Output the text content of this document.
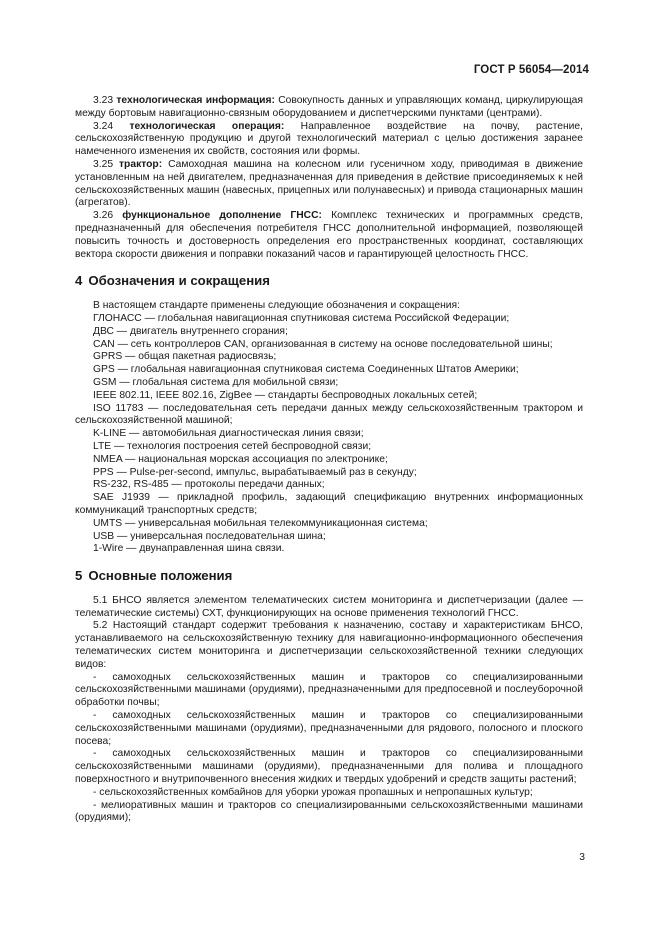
ГОСТ Р 56054—2014

3.23 технологическая информация: Совокупность данных и управляющих команд, циркулирующая между бортовым навигационно-связным оборудованием и диспетчерскими пунктами (центрами).

3.24 технологическая операция: Направленное воздействие на почву, растение, сельскохозяйственную продукцию и другой технологический материал с целью достижения заранее намеченного изменения их свойств, состояния или формы.

3.25 трактор: Самоходная машина на колесном или гусеничном ходу, приводимая в движение установленным на ней двигателем, предназначенная для приведения в действие присоединяемых к ней сельскохозяйственных машин (навесных, прицепных или полунавесных) и привода стационарных машин (агрегатов).

3.26 функциональное дополнение ГНСС: Комплекс технических и программных средств, предназначенный для обеспечения потребителя ГНСС дополнительной информацией, позволяющей повысить точность и достоверность определения его пространственных координат, составляющих вектора скорости движения и поправки показаний часов и гарантирующей целостность ГНСС.

4 Обозначения и сокращения

В настоящем стандарте применены следующие обозначения и сокращения:

ГЛОНАСС — глобальная навигационная спутниковая система Российской Федерации;

ДВС — двигатель внутреннего сгорания;

CAN — сеть контроллеров CAN, организованная в систему на основе последовательной шины;

GPRS — общая пакетная радиосвязь;

GPS — глобальная навигационная спутниковая система Соединенных Штатов Америки;

GSM — глобальная система для мобильной связи;

IEEE 802.11, IEEE 802.16, ZigBee — стандарты беспроводных локальных сетей;

ISO 11783 — последовательная сеть передачи данных между сельскохозяйственным трактором и сельскохозяйственной машиной;

K-LINE — автомобильная диагностическая линия связи;

LTE — технология построения сетей беспроводной связи;

NMEA — национальная морская ассоциация по электронике;

PPS — Pulse-per-second, импульс, вырабатываемый раз в секунду;

RS-232, RS-485 — протоколы передачи данных;

SAE J1939 — прикладной профиль, задающий спецификацию внутренних информационных коммуникаций транспортных средств;

UMTS — универсальная мобильная телекоммуникационная система;

USB — универсальная последовательная шина;

1-Wire — двунаправленная шина связи.

5 Основные положения

5.1 БНСО является элементом телематических систем мониторинга и диспетчеризации (далее — телематические системы) СХТ, функционирующих на основе применения технологий ГНСС.

5.2 Настоящий стандарт содержит требования к назначению, составу и характеристикам БНСО, устанавливаемого на сельскохозяйственную технику для навигационно-информационного обеспечения телематических систем мониторинга и диспетчеризации сельскохозяйственной техники следующих видов:

- самоходных сельскохозяйственных машин и тракторов со специализированными сельскохозяйственными машинами (орудиями), предназначенными для предпосевной и послеуборочной обработки почвы;

- самоходных сельскохозяйственных машин и тракторов со специализированными сельскохозяйственными машинами (орудиями), предназначенными для рядового, полосного и плоского посева;

- самоходных сельскохозяйственных машин и тракторов со специализированными сельскохозяйственными машинами (орудиями), предназначенными для полива и площадного поверхностного и внутрипочвенного внесения жидких и твердых удобрений и средств защиты растений;

- сельскохозяйственных комбайнов для уборки урожая пропашных и непропашных культур;

- мелиоративных машин и тракторов со специализированными сельскохозяйственными машинами (орудиями);

3
